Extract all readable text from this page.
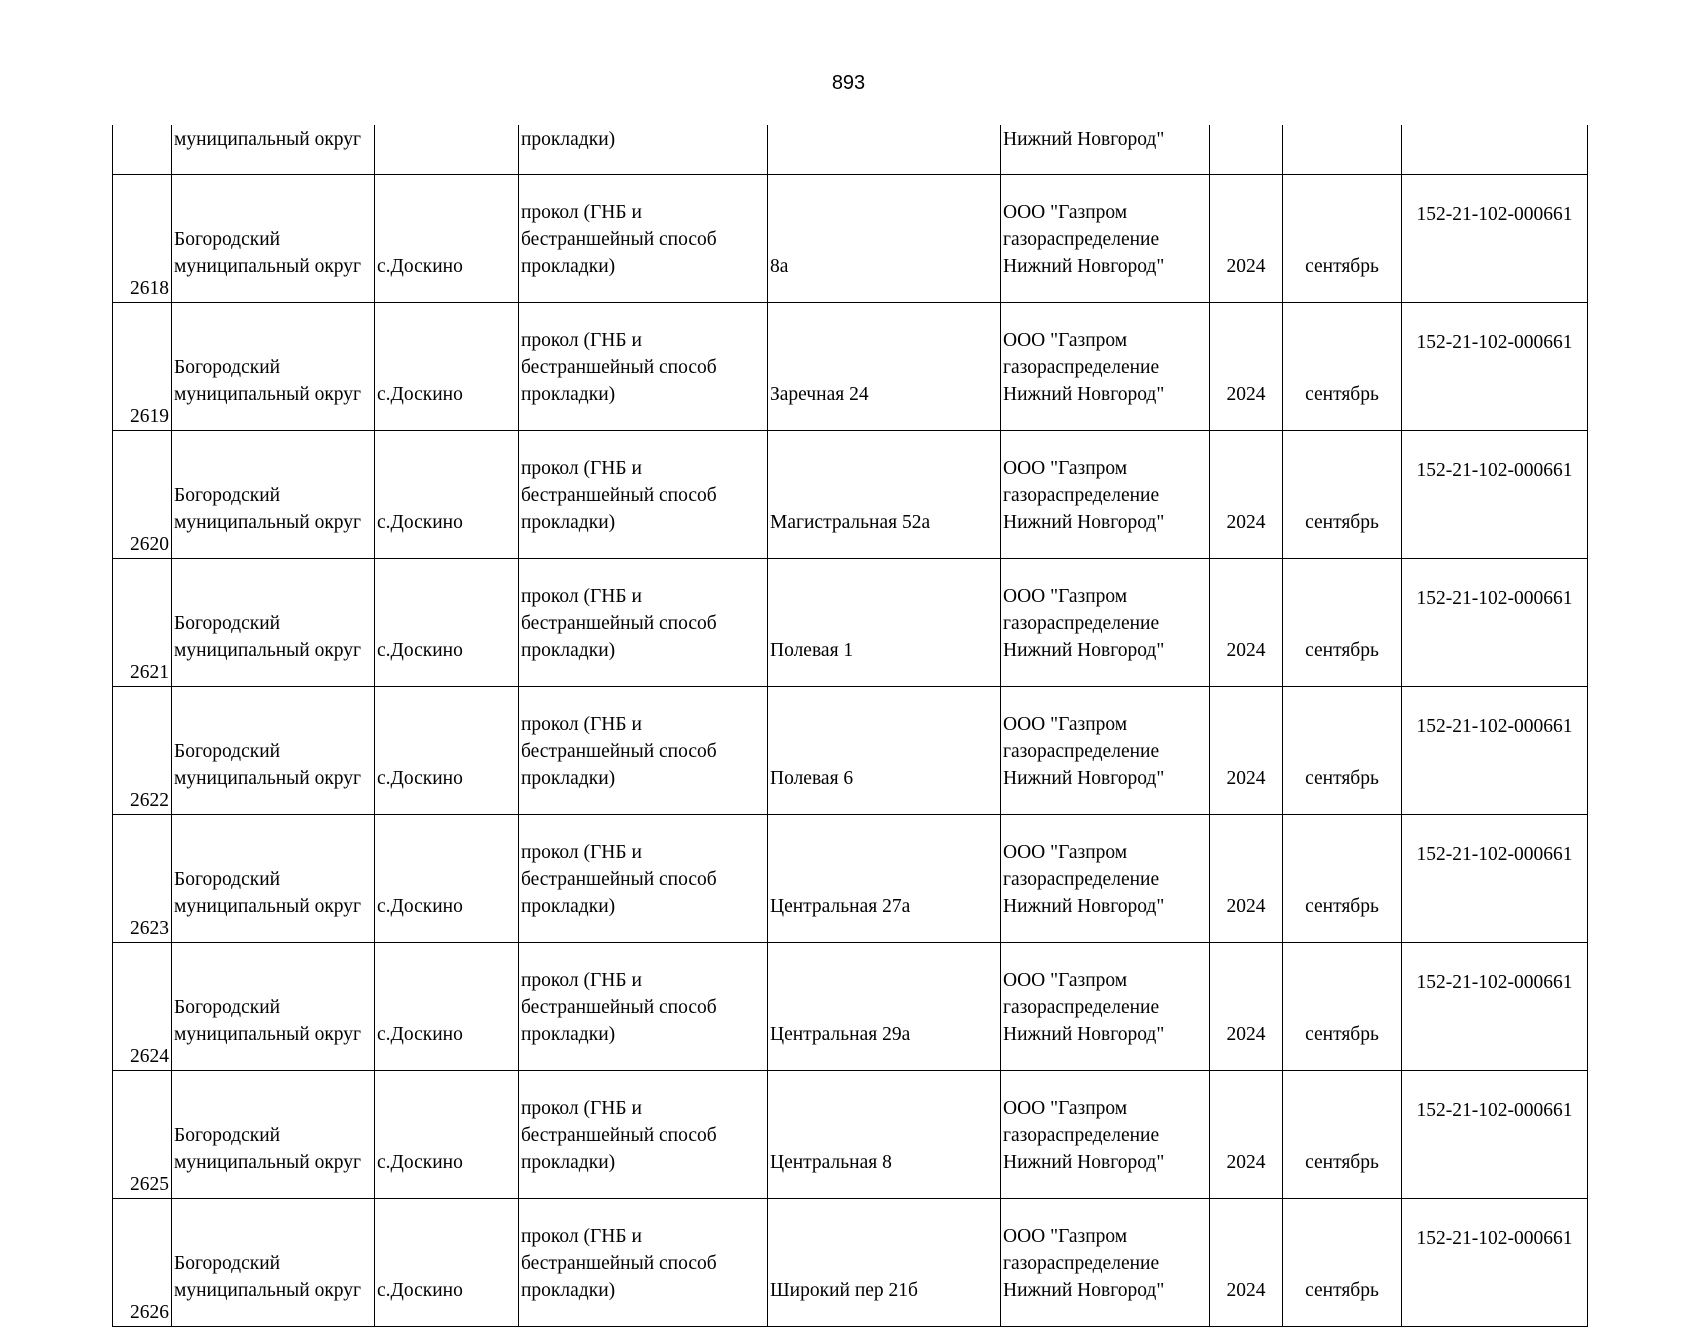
893
	муниципальный округ		прокладки)		Нижний Новгород"			
2618	Богородский
муниципальный округ	с.Доскино	прокол (ГНБ и
бестраншейный способ
прокладки)	8а	ООО "Газпром
газораспределение
Нижний Новгород"	2024	сентябрь	152-21-102-000661
2619	Богородский
муниципальный округ	с.Доскино	прокол (ГНБ и
бестраншейный способ
прокладки)	Заречная 24	ООО "Газпром
газораспределение
Нижний Новгород"	2024	сентябрь	152-21-102-000661
2620	Богородский
муниципальный округ	с.Доскино	прокол (ГНБ и
бестраншейный способ
прокладки)	Магистральная 52а	ООО "Газпром
газораспределение
Нижний Новгород"	2024	сентябрь	152-21-102-000661
2621	Богородский
муниципальный округ	с.Доскино	прокол (ГНБ и
бестраншейный способ
прокладки)	Полевая 1	ООО "Газпром
газораспределение
Нижний Новгород"	2024	сентябрь	152-21-102-000661
2622	Богородский
муниципальный округ	с.Доскино	прокол (ГНБ и
бестраншейный способ
прокладки)	Полевая 6	ООО "Газпром
газораспределение
Нижний Новгород"	2024	сентябрь	152-21-102-000661
2623	Богородский
муниципальный округ	с.Доскино	прокол (ГНБ и
бестраншейный способ
прокладки)	Центральная 27а	ООО "Газпром
газораспределение
Нижний Новгород"	2024	сентябрь	152-21-102-000661
2624	Богородский
муниципальный округ	с.Доскино	прокол (ГНБ и
бестраншейный способ
прокладки)	Центральная 29а	ООО "Газпром
газораспределение
Нижний Новгород"	2024	сентябрь	152-21-102-000661
2625	Богородский
муниципальный округ	с.Доскино	прокол (ГНБ и
бестраншейный способ
прокладки)	Центральная 8	ООО "Газпром
газораспределение
Нижний Новгород"	2024	сентябрь	152-21-102-000661
2626	Богородский
муниципальный округ	с.Доскино	прокол (ГНБ и
бестраншейный способ
прокладки)	Широкий пер 21б	ООО "Газпром
газораспределение
Нижний Новгород"	2024	сентябрь	152-21-102-000661
